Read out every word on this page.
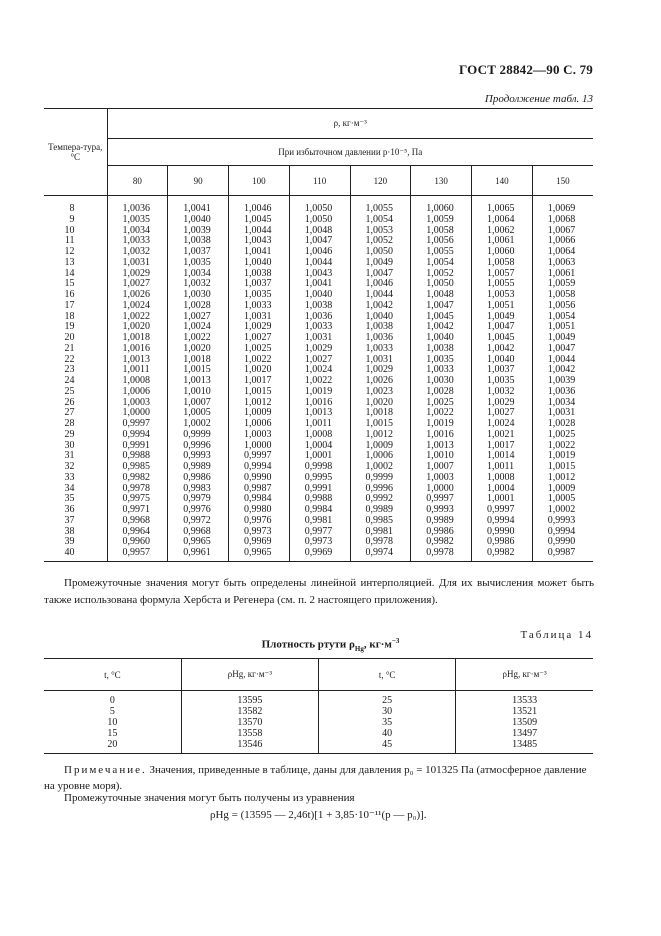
ГОСТ 28842—90 С. 79
Продолжение табл. 13
Темпера-тура, °С	ρ, кг·м⁻³							
	При избыточном давлении p·10⁻⁵, Па							
	80	90	100	110	120	130	140	150
8	1,0036	1,0041	1,0046	1,0050	1,0055	1,0060	1,0065	1,0069
9	1,0035	1,0040	1,0045	1,0050	1,0054	1,0059	1,0064	1,0068
10	1,0034	1,0039	1,0044	1,0048	1,0053	1,0058	1,0062	1,0067
11	1,0033	1,0038	1,0043	1,0047	1,0052	1,0056	1,0061	1,0066
12	1,0032	1,0037	1,0041	1,0046	1,0050	1,0055	1,0060	1,0064
13	1,0031	1,0035	1,0040	1,0044	1,0049	1,0054	1,0058	1,0063
14	1,0029	1,0034	1,0038	1,0043	1,0047	1,0052	1,0057	1,0061
15	1,0027	1,0032	1,0037	1,0041	1,0046	1,0050	1,0055	1,0059
16	1,0026	1,0030	1,0035	1,0040	1,0044	1,0048	1,0053	1,0058
17	1,0024	1,0028	1,0033	1,0038	1,0042	1,0047	1,0051	1,0056
18	1,0022	1,0027	1,0031	1,0036	1,0040	1,0045	1,0049	1,0054
19	1,0020	1,0024	1,0029	1,0033	1,0038	1,0042	1,0047	1,0051
20	1,0018	1,0022	1,0027	1,0031	1,0036	1,0040	1,0045	1,0049
21	1,0016	1,0020	1,0025	1,0029	1,0033	1,0038	1,0042	1,0047
22	1,0013	1,0018	1,0022	1,0027	1,0031	1,0035	1,0040	1,0044
23	1,0011	1,0015	1,0020	1,0024	1,0029	1,0033	1,0037	1,0042
24	1,0008	1,0013	1,0017	1,0022	1,0026	1,0030	1,0035	1,0039
25	1,0006	1,0010	1,0015	1,0019	1,0023	1,0028	1,0032	1,0036
26	1,0003	1,0007	1,0012	1,0016	1,0020	1,0025	1,0029	1,0034
27	1,0000	1,0005	1,0009	1,0013	1,0018	1,0022	1,0027	1,0031
28	0,9997	1,0002	1,0006	1,0011	1,0015	1,0019	1,0024	1,0028
29	0,9994	0,9999	1,0003	1,0008	1,0012	1,0016	1,0021	1,0025
30	0,9991	0,9996	1,0000	1,0004	1,0009	1,0013	1,0017	1,0022
31	0,9988	0,9993	0,9997	1,0001	1,0006	1,0010	1,0014	1,0019
32	0,9985	0,9989	0,9994	0,9998	1,0002	1,0007	1,0011	1,0015
33	0,9982	0,9986	0,9990	0,9995	0,9999	1,0003	1,0008	1,0012
34	0,9978	0,9983	0,9987	0,9991	0,9996	1,0000	1,0004	1,0009
35	0,9975	0,9979	0,9984	0,9988	0,9992	0,9997	1,0001	1,0005
36	0,9971	0,9976	0,9980	0,9984	0,9989	0,9993	0,9997	1,0002
37	0,9968	0,9972	0,9976	0,9981	0,9985	0,9989	0,9994	0,9993
38	0,9964	0,9968	0,9973	0,9977	0,9981	0,9986	0,9990	0,9994
39	0,9960	0,9965	0,9969	0,9973	0,9978	0,9982	0,9986	0,9990
40	0,9957	0,9961	0,9965	0,9969	0,9974	0,9978	0,9982	0,9987
Промежуточные значения могут быть определены линейной интерполяцией. Для их вычисления может быть также использована формула Хербста и Регенера (см. п. 2 настоящего приложения).
Таблица 14
Плотность ртути $\rho_{Hg}$, $кг\cdot м^{-3}$
t, °С	ρHg, кг·м⁻³	t, °С	ρHg, кг·м⁻³
0	13595	25	13533
5	13582	30	13521
10	13570	35	13509
15	13558	40	13497
20	13546	45	13485
Примечание. Значения, приведенные в таблице, даны для давления p₀ = 101325 Па (атмосферное давление на уровне моря).
Промежуточные значения могут быть получены из уравнения
ρHg = (13595 — 2,46t)[1 + 3,85·10⁻¹¹(p — p₀)].
